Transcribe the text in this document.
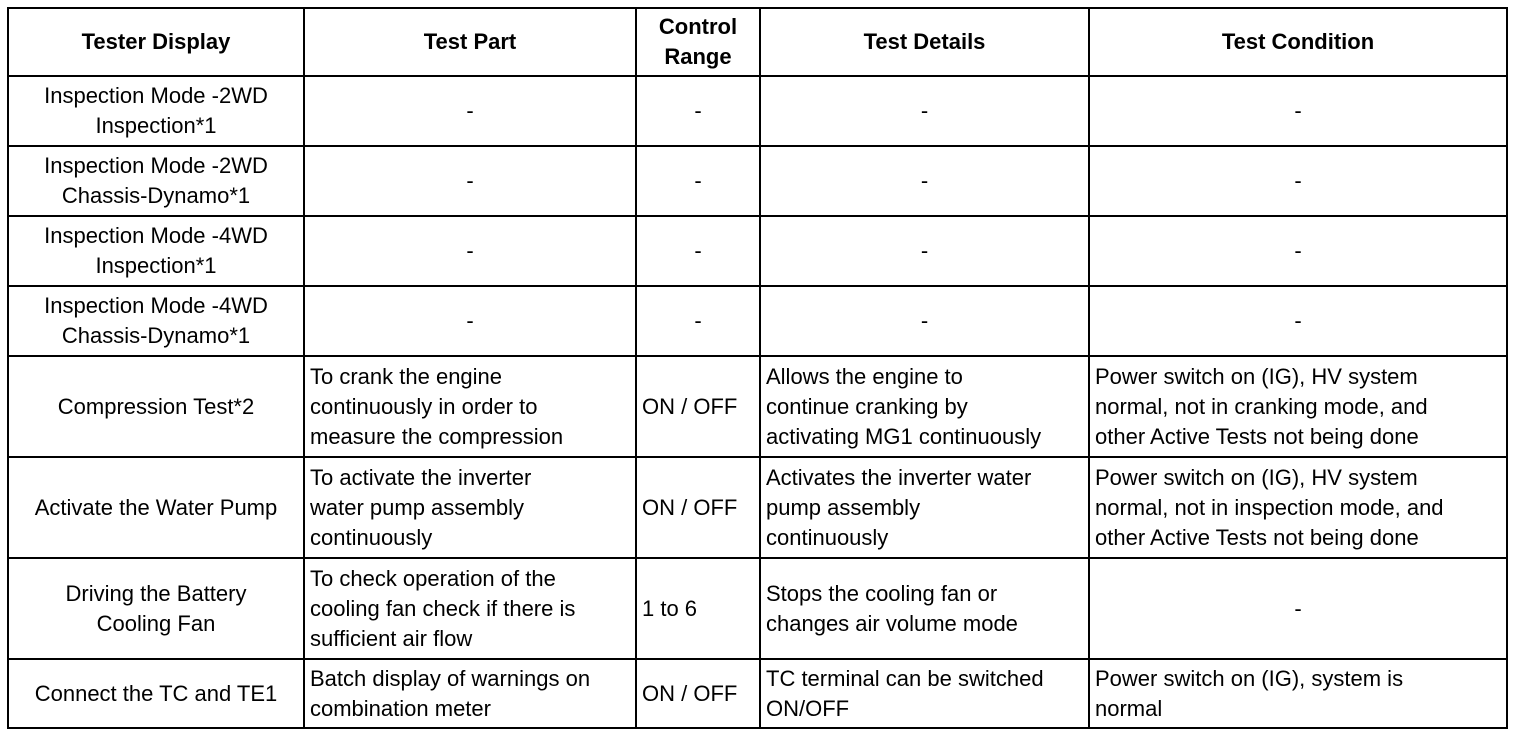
Tester Display	Test Part	Control Range	Test Details	Test Condition
Inspection Mode -2WD
Inspection*1	-	-	-	-
Inspection Mode -2WD
Chassis-Dynamo*1	-	-	-	-
Inspection Mode -4WD
Inspection*1	-	-	-	-
Inspection Mode -4WD
Chassis-Dynamo*1	-	-	-	-
Compression Test*2	To crank the engine
continuously in order to
measure the compression	ON / OFF	Allows the engine to
continue cranking by
activating MG1 continuously	Power switch on (IG), HV system
normal, not in cranking mode, and
other Active Tests not being done
Activate the Water Pump	To activate the inverter
water pump assembly
continuously	ON / OFF	Activates the inverter water
pump assembly
continuously	Power switch on (IG), HV system
normal, not in inspection mode, and
other Active Tests not being done
Driving the Battery
Cooling Fan	To check operation of the
cooling fan check if there is
sufficient air flow	1 to 6	Stops the cooling fan or
changes air volume mode	-
Connect the TC and TE1	Batch display of warnings on
combination meter	ON / OFF	TC terminal can be switched
ON/OFF	Power switch on (IG), system is
normal
